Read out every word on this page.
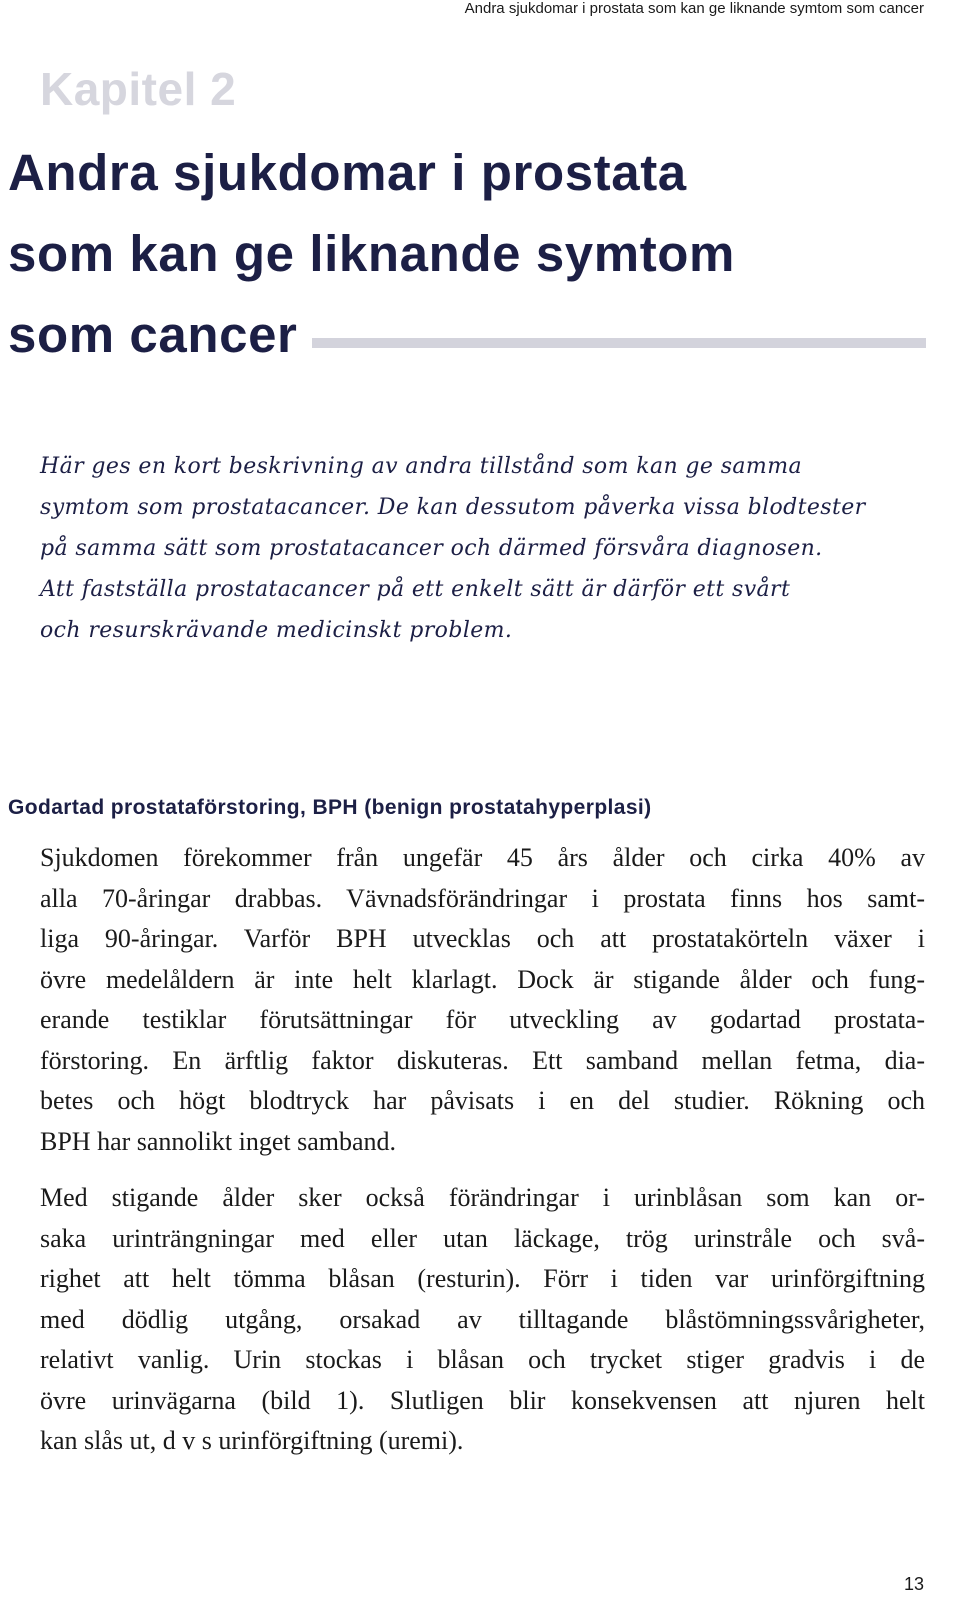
Andra sjukdomar i prostata som kan ge liknande symtom som cancer
Kapitel 2
Andra sjukdomar i prostata
som kan ge liknande symtom
som cancer

Här ges en kort beskrivning av andra tillstånd som kan ge samma
symtom som prostatacancer. De kan dessutom påverka vissa blodtester
på samma sätt som prostatacancer och därmed försvåra diagnosen.
Att fastställa prostatacancer på ett enkelt sätt är därför ett svårt
och resurskrävande medicinskt problem.

Godartad prostataförstoring, BPH (benign prostatahyperplasi)

Sjukdomen förekommer från ungefär 45 års ålder och cirka 40% av
alla 70-åringar drabbas. Vävnadsförändringar i prostata finns hos samt-
liga 90-åringar. Varför BPH utvecklas och att prostatakörteln växer i
övre medelåldern är inte helt klarlagt. Dock är stigande ålder och fung-
erande testiklar förutsättningar för utveckling av godartad prostata-
förstoring. En ärftlig faktor diskuteras. Ett samband mellan fetma, dia-
betes och högt blodtryck har påvisats i en del studier. Rökning och
BPH har sannolikt inget samband.

Med stigande ålder sker också förändringar i urinblåsan som kan or-
saka urinträngningar med eller utan läckage, trög urinstråle och svå-
righet att helt tömma blåsan (resturin). Förr i tiden var urinförgiftning
med dödlig utgång, orsakad av tilltagande blåstömningssvårigheter,
relativt vanlig. Urin stockas i blåsan och trycket stiger gradvis i de
övre urinvägarna (bild 1). Slutligen blir konsekvensen att njuren helt
kan slås ut, d v s urinförgiftning (uremi).

13
